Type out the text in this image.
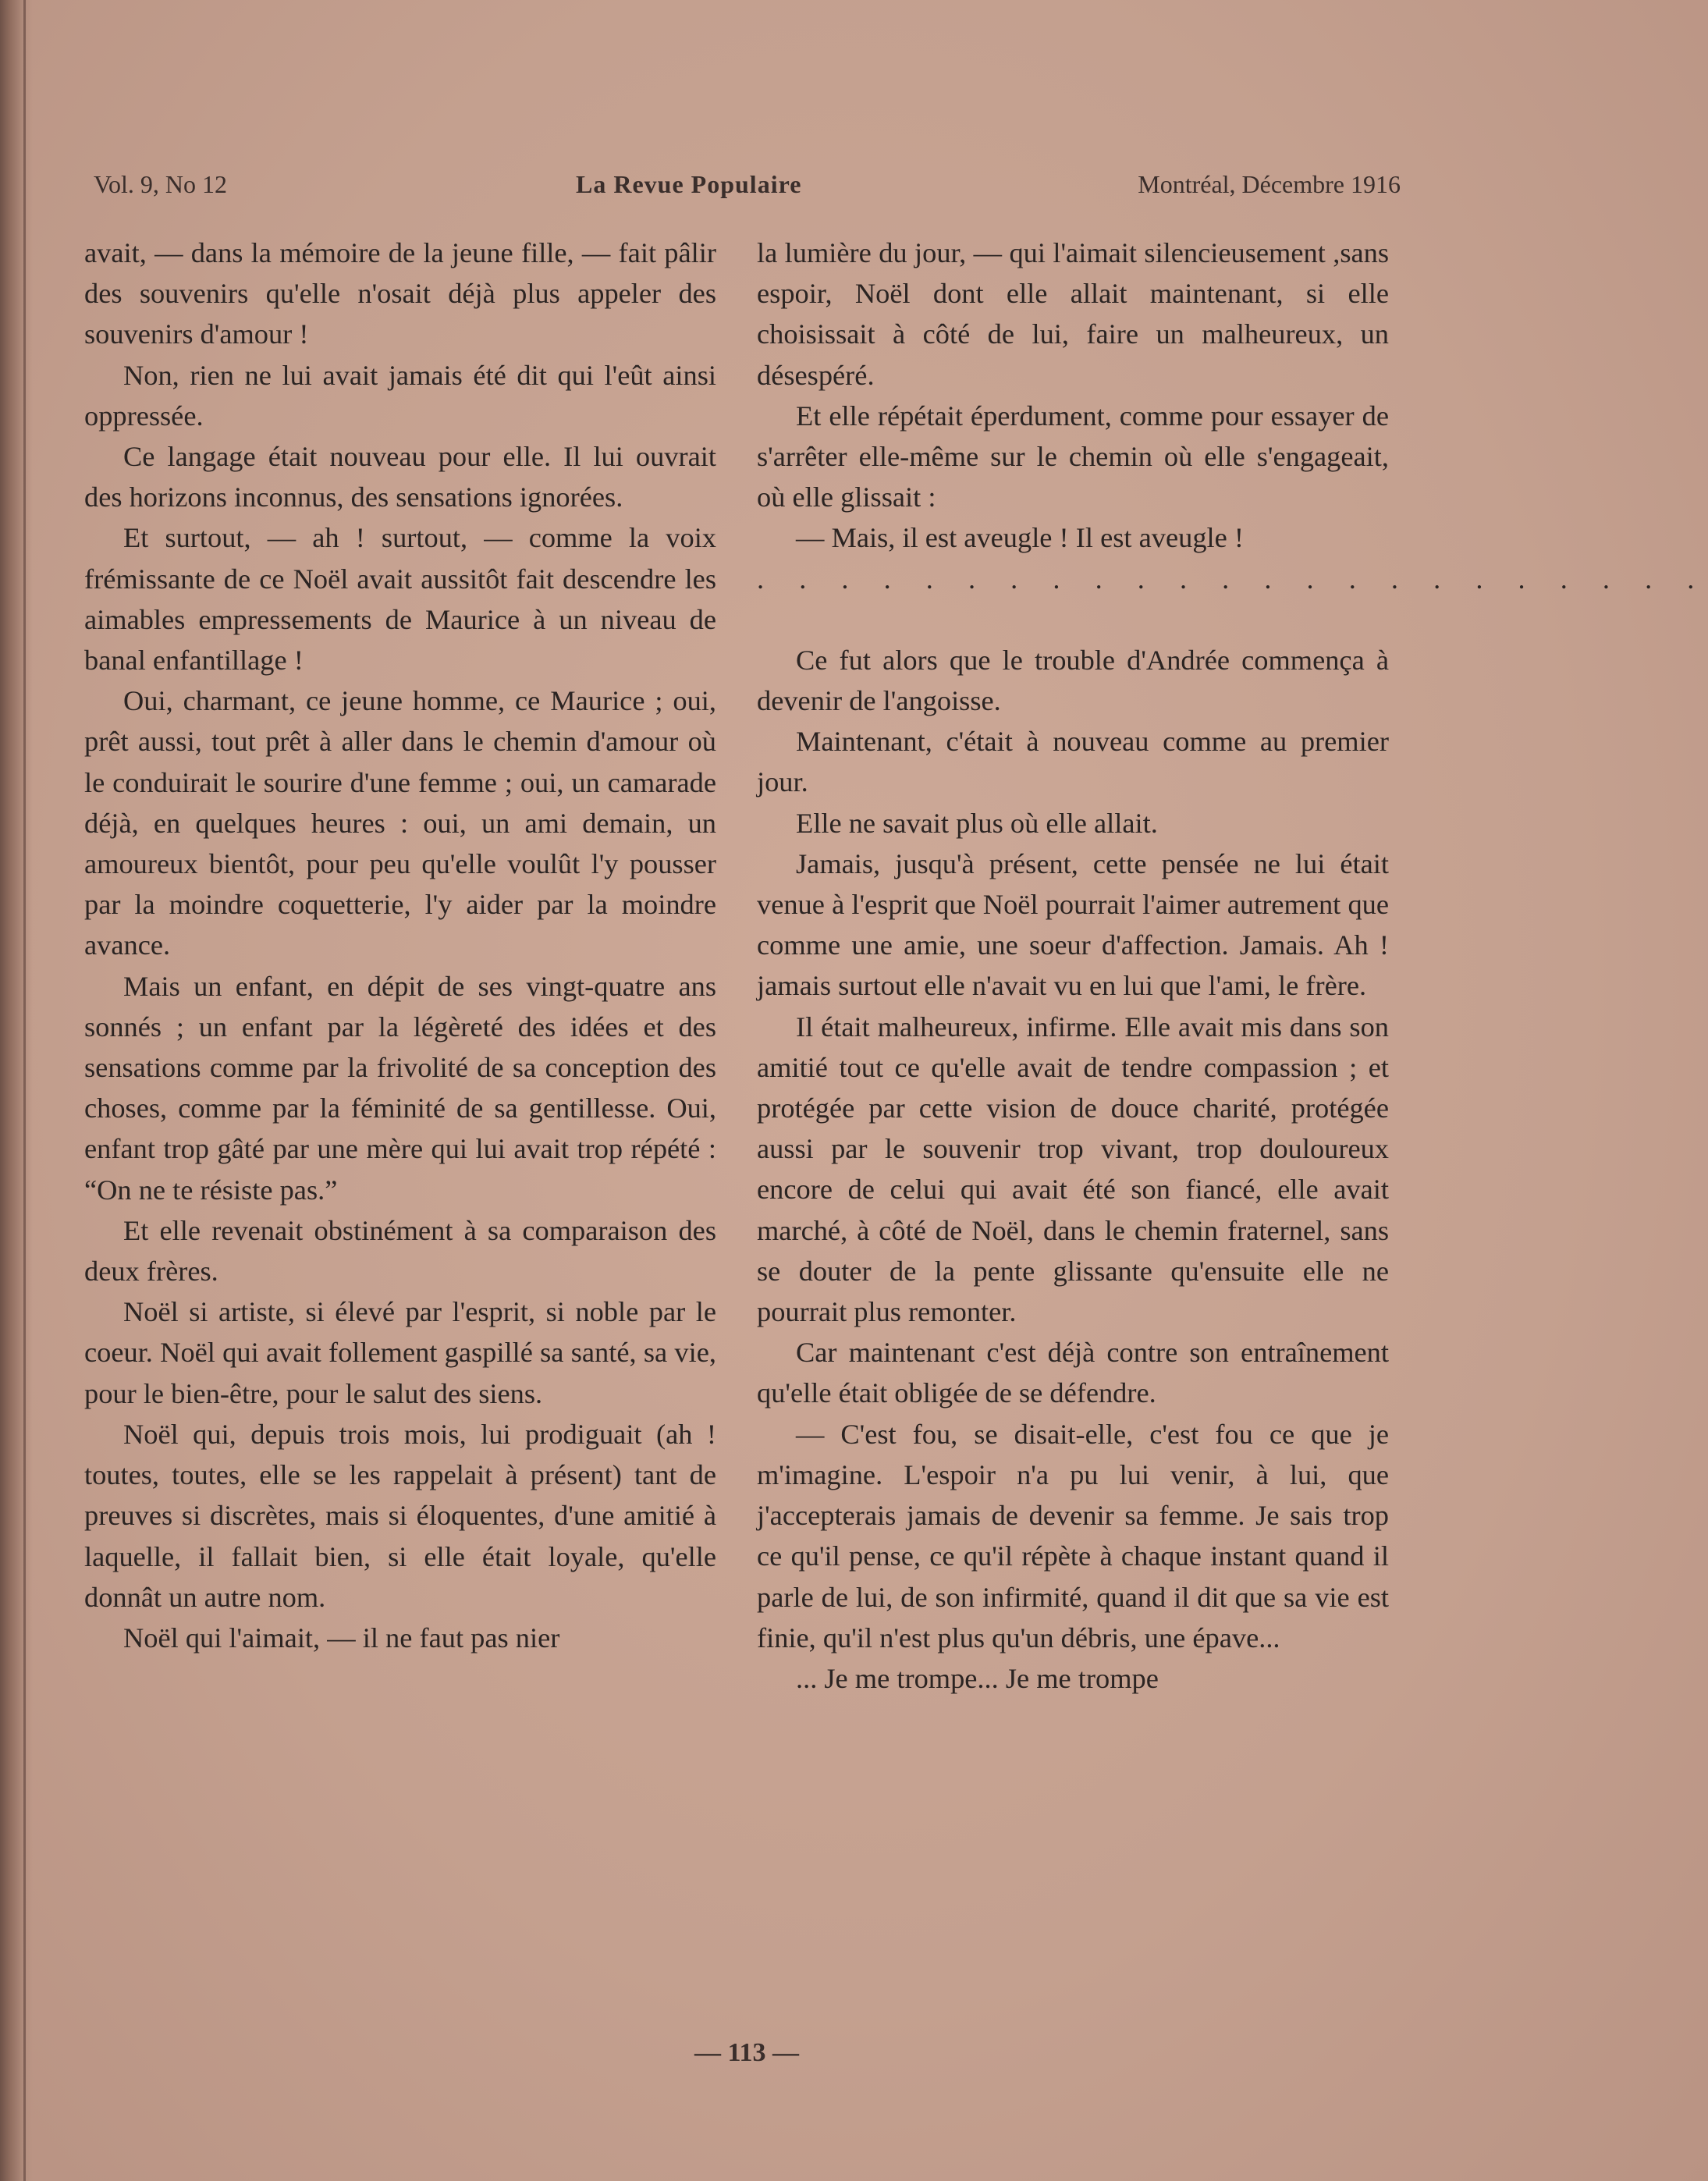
Vol. 9, No 12	La Revue Populaire	Montréal, Décembre 1916

avait, — dans la mémoire de la jeune fille, — fait pâlir des souvenirs qu'elle n'osait déjà plus appeler des souvenirs d'amour !

Non, rien ne lui avait jamais été dit qui l'eût ainsi oppressée.

Ce langage était nouveau pour elle. Il lui ouvrait des horizons inconnus, des sensations ignorées.

Et surtout, — ah ! surtout, — comme la voix frémissante de ce Noël avait aussitôt fait descendre les aimables empressements de Maurice à un niveau de banal enfantillage !

Oui, charmant, ce jeune homme, ce Maurice ; oui, prêt aussi, tout prêt à aller dans le chemin d'amour où le conduirait le sourire d'une femme ; oui, un camarade déjà, en quelques heures : oui, un ami demain, un amoureux bientôt, pour peu qu'elle voulût l'y pousser par la moindre coquetterie, l'y aider par la moindre avance.

Mais un enfant, en dépit de ses vingt-quatre ans sonnés ; un enfant par la légèreté des idées et des sensations comme par la frivolité de sa conception des choses, comme par la féminité de sa gentillesse. Oui, enfant trop gâté par une mère qui lui avait trop répété : “On ne te résiste pas.”

Et elle revenait obstinément à sa comparaison des deux frères.

Noël si artiste, si élevé par l'esprit, si noble par le coeur. Noël qui avait follement gaspillé sa santé, sa vie, pour le bien-être, pour le salut des siens.

Noël qui, depuis trois mois, lui prodiguait (ah ! toutes, toutes, elle se les rappelait à présent) tant de preuves si discrètes, mais si éloquentes, d'une amitié à laquelle, il fallait bien, si elle était loyale, qu'elle donnât un autre nom.

Noël qui l'aimait, — il ne faut pas nier

la lumière du jour, — qui l'aimait silencieusement ,sans espoir, Noël dont elle allait maintenant, si elle choisissait à côté de lui, faire un malheureux, un désespéré.

Et elle répétait éperdument, comme pour essayer de s'arrêter elle-même sur le chemin où elle s'engageait, où elle glissait :

— Mais, il est aveugle ! Il est aveugle !

. . . . . . . . . . . . . . . . . . . . . . .

Ce fut alors que le trouble d'Andrée commença à devenir de l'angoisse.

Maintenant, c'était à nouveau comme au premier jour.

Elle ne savait plus où elle allait.

Jamais, jusqu'à présent, cette pensée ne lui était venue à l'esprit que Noël pourrait l'aimer autrement que comme une amie, une soeur d'affection. Jamais. Ah ! jamais surtout elle n'avait vu en lui que l'ami, le frère.

Il était malheureux, infirme. Elle avait mis dans son amitié tout ce qu'elle avait de tendre compassion ; et protégée par cette vision de douce charité, protégée aussi par le souvenir trop vivant, trop douloureux encore de celui qui avait été son fiancé, elle avait marché, à côté de Noël, dans le chemin fraternel, sans se douter de la pente glissante qu'ensuite elle ne pourrait plus remonter.

Car maintenant c'est déjà contre son entraînement qu'elle était obligée de se défendre.

— C'est fou, se disait-elle, c'est fou ce que je m'imagine. L'espoir n'a pu lui venir, à lui, que j'accepterais jamais de devenir sa femme. Je sais trop ce qu'il pense, ce qu'il répète à chaque instant quand il parle de lui, de son infirmité, quand il dit que sa vie est finie, qu'il n'est plus qu'un débris, une épave...

... Je me trompe... Je me trompe

— 113 —
